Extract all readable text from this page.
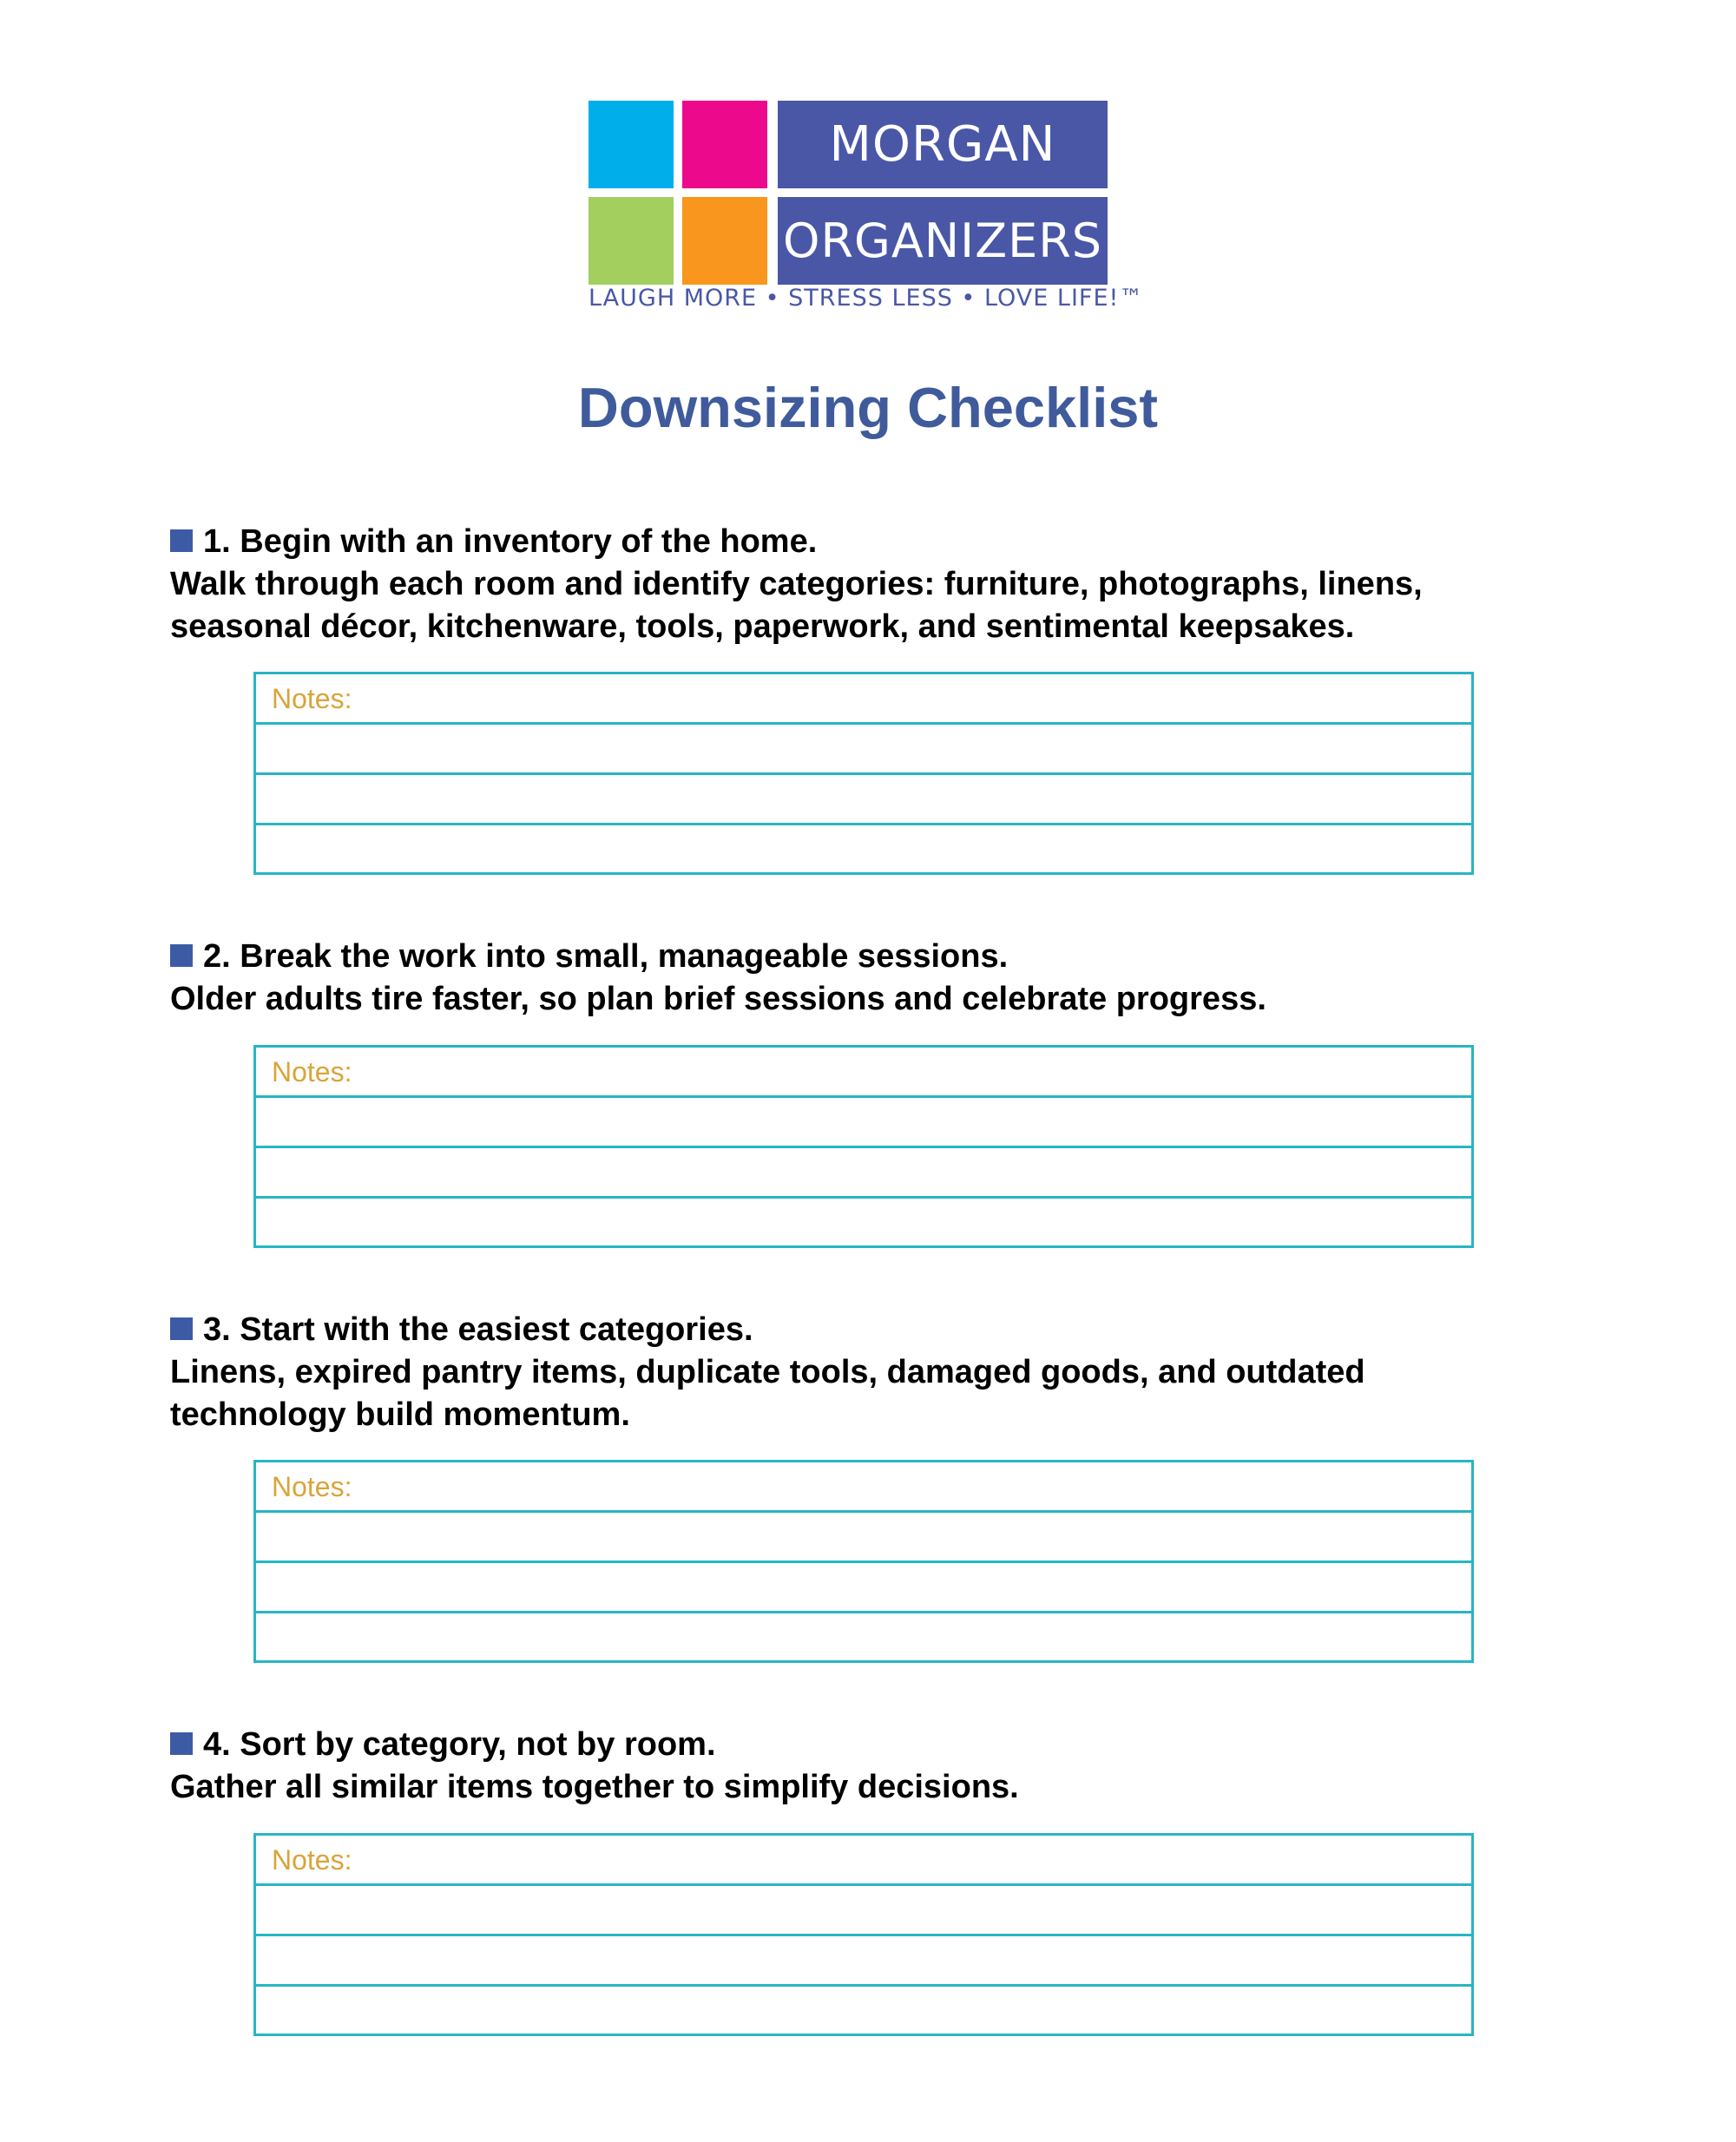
MORGAN
ORGANIZERS
LAUGH MORE • STRESS LESS • LOVE LIFE!™
Downsizing Checklist
1. Begin with an inventory of the home.
Walk through each room and identify categories: furniture, photographs, linens,
seasonal décor, kitchenware, tools, paperwork, and sentimental keepsakes.
Notes:
2. Break the work into small, manageable sessions.
Older adults tire faster, so plan brief sessions and celebrate progress.
Notes:
3. Start with the easiest categories.
Linens, expired pantry items, duplicate tools, damaged goods, and outdated
technology build momentum.
Notes:
4. Sort by category, not by room.
Gather all similar items together to simplify decisions.
Notes:
